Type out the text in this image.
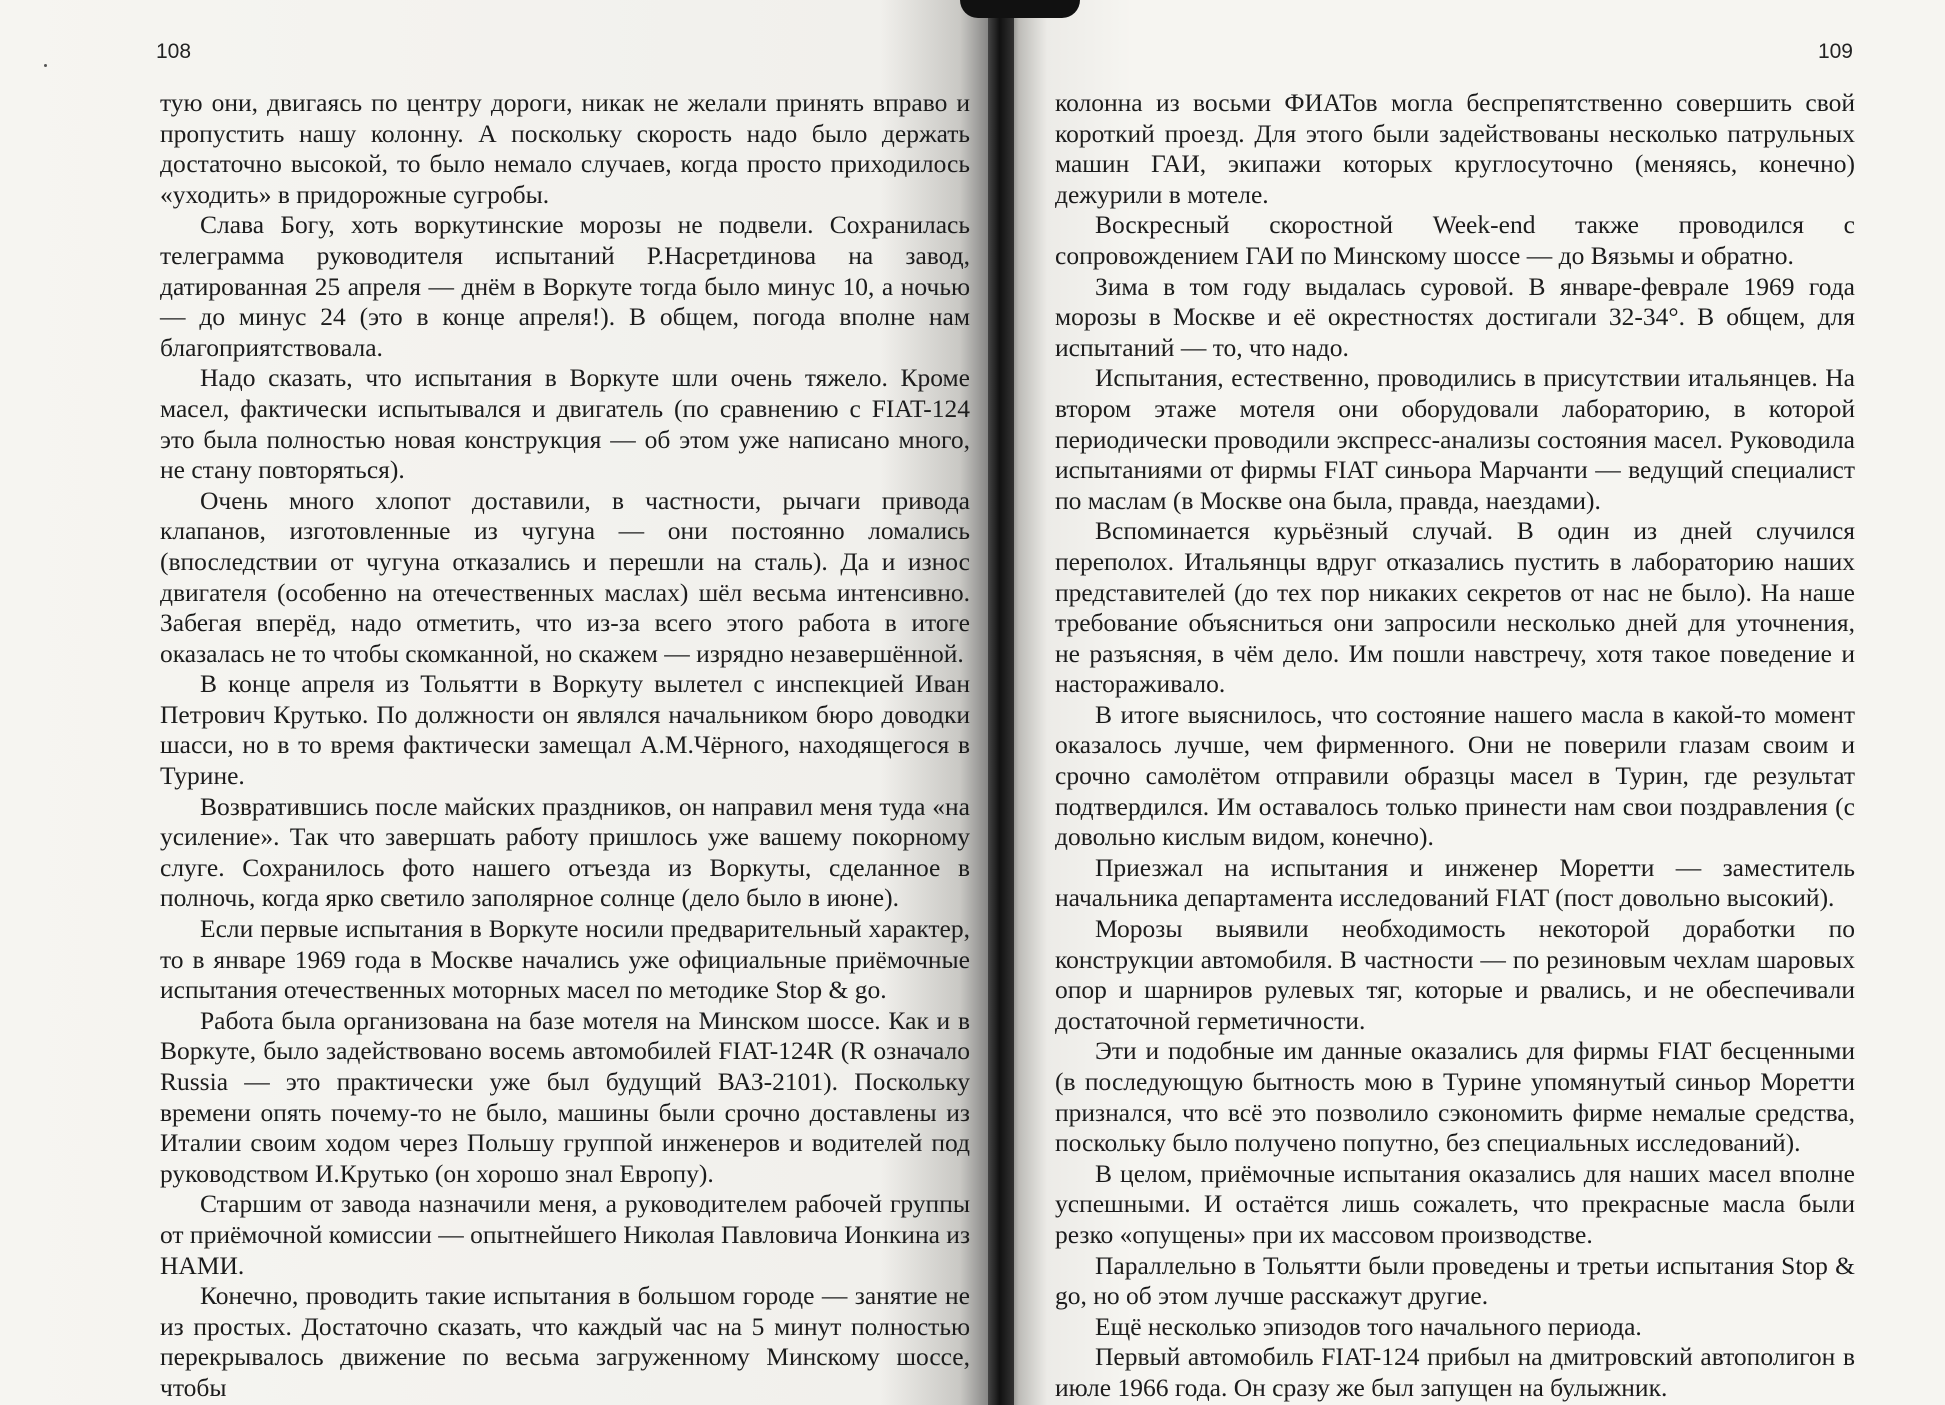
108

тую они, двигаясь по центру дороги, никак не желали принять вправо и пропустить нашу колонну. А поскольку скорость надо было держать достаточно высокой, то было немало случаев, когда просто приходилось «уходить» в придорожные сугробы.

Слава Богу, хоть воркутинские морозы не подвели. Сохранилась телеграмма руководителя испытаний Р.Насретдинова на завод, датированная 25 апреля — днём в Воркуте тогда было минус 10, а ночью — до минус 24 (это в конце апреля!). В общем, погода вполне нам благоприятствовала.

Надо сказать, что испытания в Воркуте шли очень тяжело. Кроме масел, фактически испытывался и двигатель (по сравнению с FIAT-124 это была полностью новая конструкция — об этом уже написано много, не стану повторяться).

Очень много хлопот доставили, в частности, рычаги привода клапанов, изготовленные из чугуна — они постоянно ломались (впоследствии от чугуна отказались и перешли на сталь). Да и износ двигателя (особенно на отечественных маслах) шёл весьма интенсивно. Забегая вперёд, надо отметить, что из-за всего этого работа в итоге оказалась не то чтобы скомканной, но скажем — изрядно незавершённой.

В конце апреля из Тольятти в Воркуту вылетел с инспекцией Иван Петрович Крутько. По должности он являлся начальником бюро доводки шасси, но в то время фактически замещал А.М.Чёрного, находящегося в Турине.

Возвратившись после майских праздников, он направил меня туда «на усиление». Так что завершать работу пришлось уже вашему покорному слуге. Сохранилось фото нашего отъезда из Воркуты, сделанное в полночь, когда ярко светило заполярное солнце (дело было в июне).

Если первые испытания в Воркуте носили предварительный характер, то в январе 1969 года в Москве начались уже официальные приёмочные испытания отечественных моторных масел по методике Stop & go.

Работа была организована на базе мотеля на Минском шоссе. Как и в Воркуте, было задействовано восемь автомобилей FIAT-124R (R означало Russia — это практически уже был будущий ВАЗ-2101). Поскольку времени опять почему-то не было, машины были срочно доставлены из Италии своим ходом через Польшу группой инженеров и водителей под руководством И.Крутько (он хорошо знал Европу).

Старшим от завода назначили меня, а руководителем рабочей группы от приёмочной комиссии — опытнейшего Николая Павловича Ионкина из НАМИ.

Конечно, проводить такие испытания в большом городе — занятие не из простых. Достаточно сказать, что каждый час на 5 минут полностью перекрывалось движение по весьма загруженному Минскому шоссе, чтобы

109

колонна из восьми ФИАТов могла беспрепятственно совершить свой короткий проезд. Для этого были задействованы несколько патрульных машин ГАИ, экипажи которых круглосуточно (меняясь, конечно) дежурили в мотеле.

Воскресный скоростной Week-end также проводился с сопровождением ГАИ по Минскому шоссе — до Вязьмы и обратно.

Зима в том году выдалась суровой. В январе-феврале 1969 года морозы в Москве и её окрестностях достигали 32-34°. В общем, для испытаний — то, что надо.

Испытания, естественно, проводились в присутствии итальянцев. На втором этаже мотеля они оборудовали лабораторию, в которой периодически проводили экспресс-анализы состояния масел. Руководила испытаниями от фирмы FIAT синьора Марчанти — ведущий специалист по маслам (в Москве она была, правда, наездами).

Вспоминается курьёзный случай. В один из дней случился переполох. Итальянцы вдруг отказались пустить в лабораторию наших представителей (до тех пор никаких секретов от нас не было). На наше требование объясниться они запросили несколько дней для уточнения, не разъясняя, в чём дело. Им пошли навстречу, хотя такое поведение и настораживало.

В итоге выяснилось, что состояние нашего масла в какой-то момент оказалось лучше, чем фирменного. Они не поверили глазам своим и срочно самолётом отправили образцы масел в Турин, где результат подтвердился. Им оставалось только принести нам свои поздравления (с довольно кислым видом, конечно).

Приезжал на испытания и инженер Моретти — заместитель начальника департамента исследований FIAT (пост довольно высокий).

Морозы выявили необходимость некоторой доработки по конструкции автомобиля. В частности — по резиновым чехлам шаровых опор и шарниров рулевых тяг, которые и рвались, и не обеспечивали достаточной герметичности.

Эти и подобные им данные оказались для фирмы FIAT бесценными (в последующую бытность мою в Турине упомянутый синьор Моретти признался, что всё это позволило сэкономить фирме немалые средства, поскольку было получено попутно, без специальных исследований).

В целом, приёмочные испытания оказались для наших масел вполне успешными. И остаётся лишь сожалеть, что прекрасные масла были резко «опущены» при их массовом производстве.

Параллельно в Тольятти были проведены и третьи испытания Stop & go, но об этом лучше расскажут другие.

Ещё несколько эпизодов того начального периода.

Первый автомобиль FIAT-124 прибыл на дмитровский автополигон в июле 1966 года. Он сразу же был запущен на булыжник.
